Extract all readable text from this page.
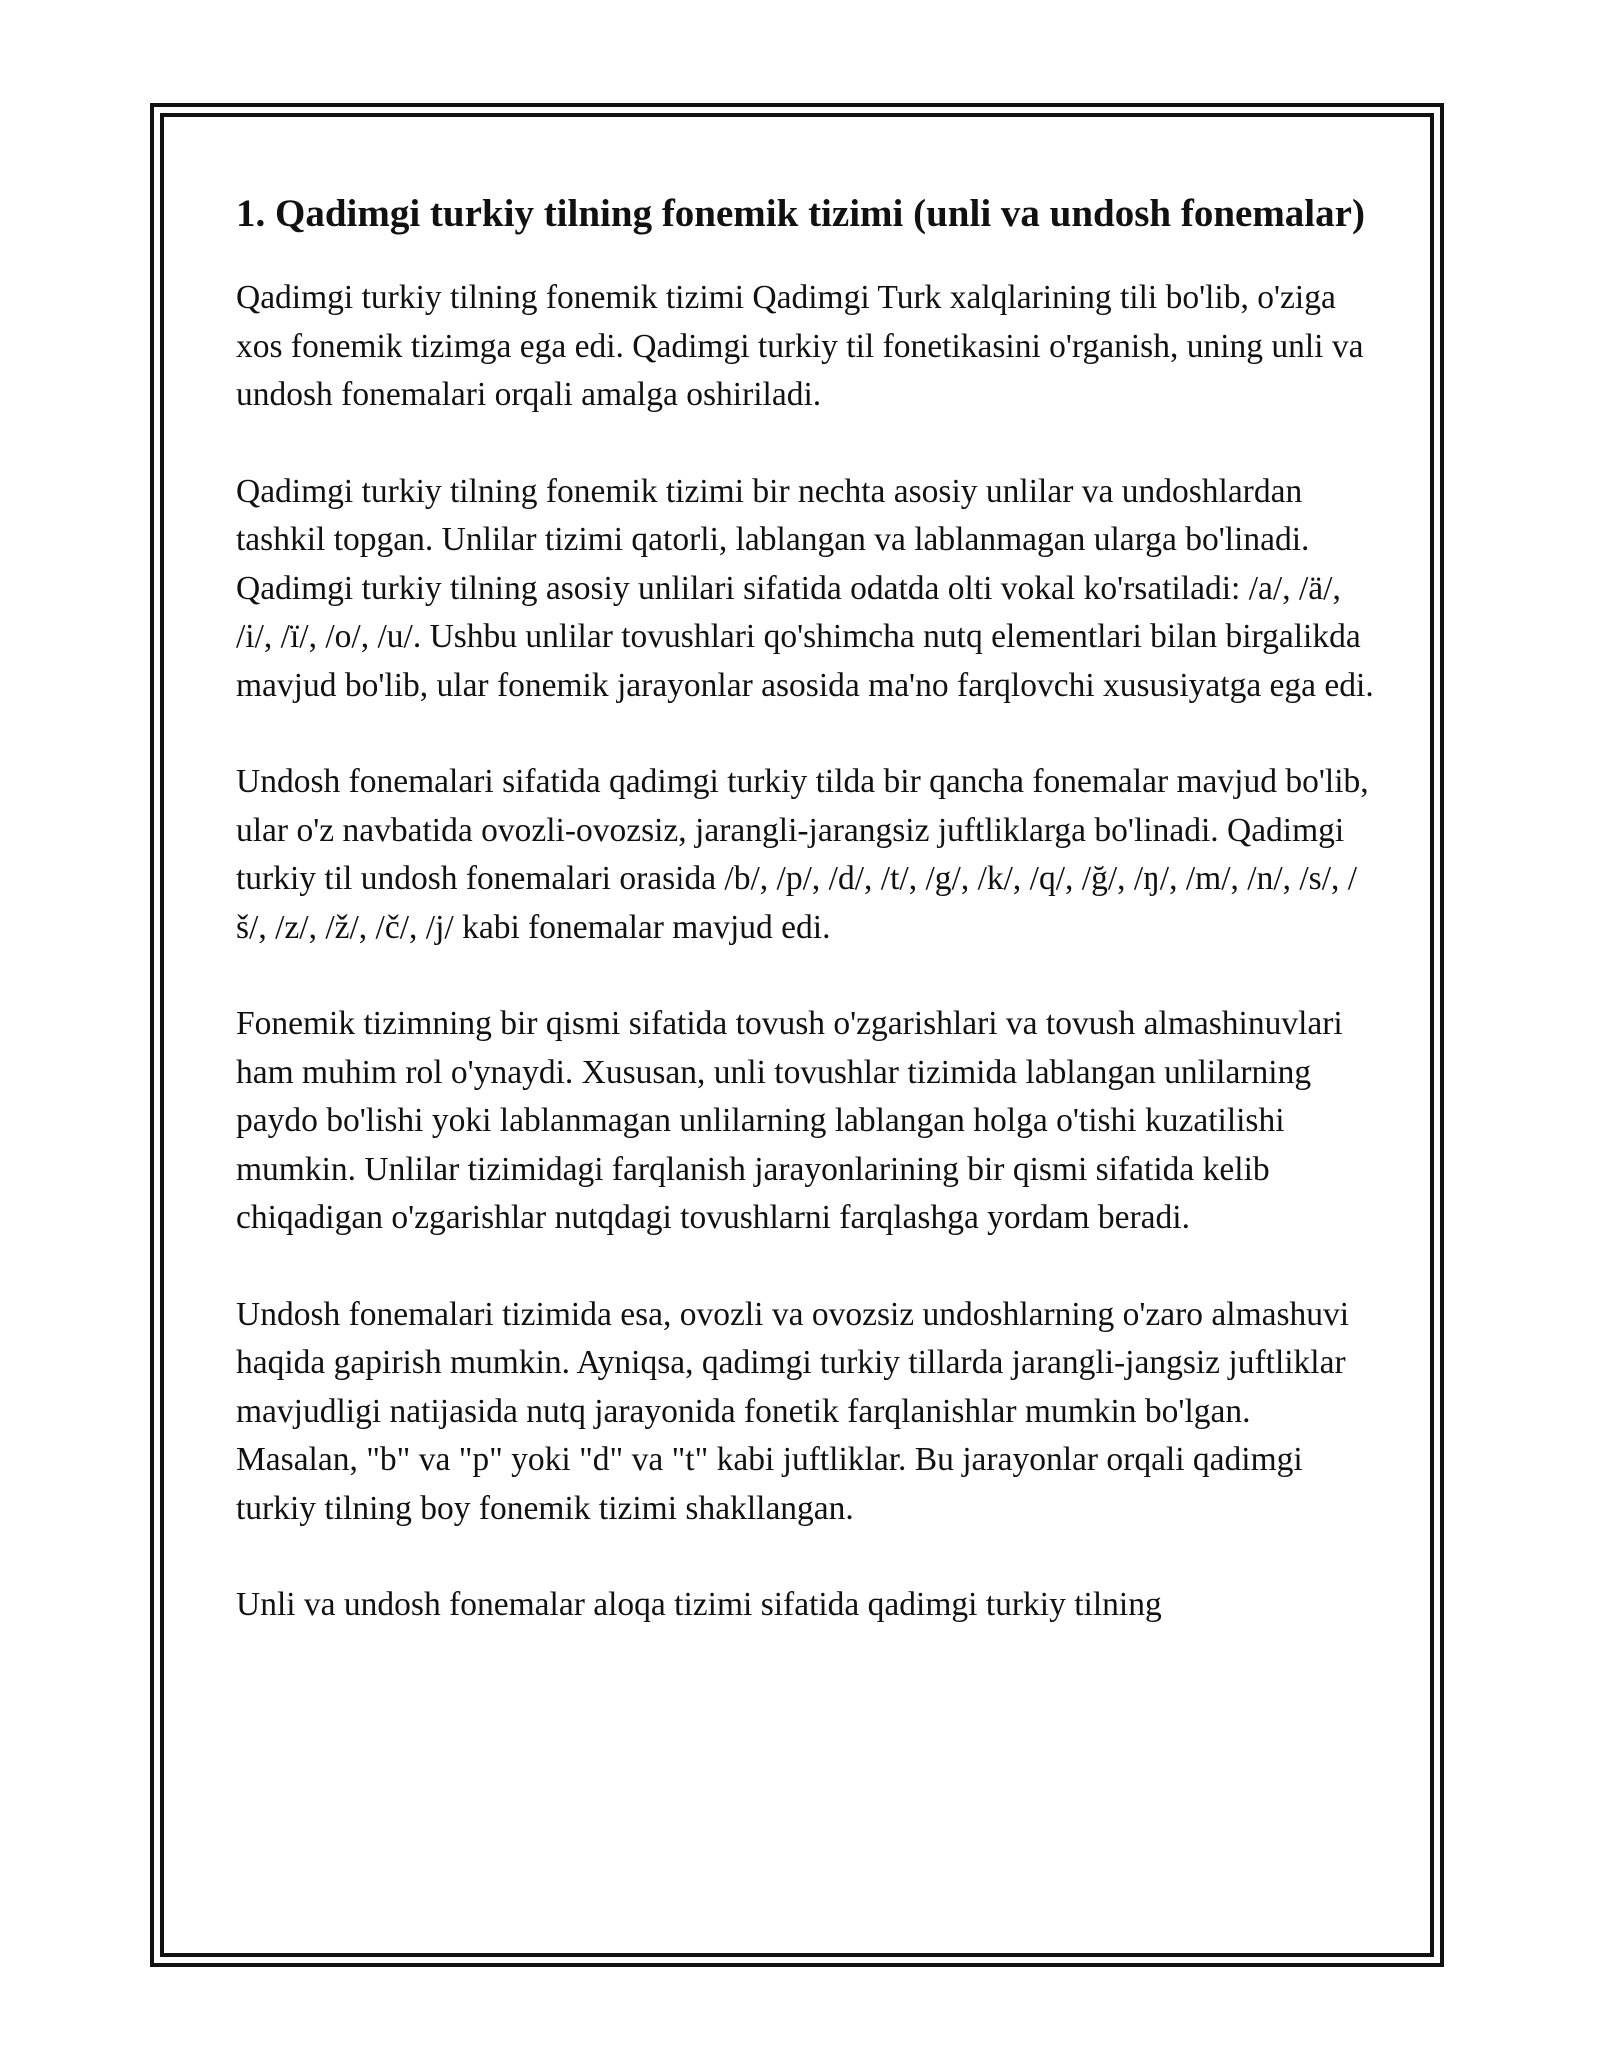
1. Qadimgi turkiy tilning fonemik tizimi (unli va undosh fonemalar)

Qadimgi turkiy tilning fonemik tizimi Qadimgi Turk xalqlarining tili bo'lib, o'ziga xos fonemik tizimga ega edi. Qadimgi turkiy til fonetikasini o'rganish, uning unli va undosh fonemalari orqali amalga oshiriladi.

Qadimgi turkiy tilning fonemik tizimi bir nechta asosiy unlilar va undoshlardan tashkil topgan. Unlilar tizimi qatorli, lablangan va lablanmagan ularga bo'linadi. Qadimgi turkiy tilning asosiy unlilari sifatida odatda olti vokal ko'rsatiladi: /a/, /ä/, /i/, /ï/, /o/, /u/. Ushbu unlilar tovushlari qo'shimcha nutq elementlari bilan birgalikda mavjud bo'lib, ular fonemik jarayonlar asosida ma'no farqlovchi xususiyatga ega edi.

Undosh fonemalari sifatida qadimgi turkiy tilda bir qancha fonemalar mavjud bo'lib, ular o'z navbatida ovozli-ovozsiz, jarangli-jarangsiz juftliklarga bo'linadi. Qadimgi turkiy til undosh fonemalari orasida /b/, /p/, /d/, /t/, /g/, /k/, /q/, /ğ/, /ŋ/, /m/, /n/, /s/, /š/, /z/, /ž/, /č/, /j/ kabi fonemalar mavjud edi.

Fonemik tizimning bir qismi sifatida tovush o'zgarishlari va tovush almashinuvlari ham muhim rol o'ynaydi. Xususan, unli tovushlar tizimida lablangan unlilarning paydo bo'lishi yoki lablanmagan unlilarning lablangan holga o'tishi kuzatilishi mumkin. Unlilar tizimidagi farqlanish jarayonlarining bir qismi sifatida kelib chiqadigan o'zgarishlar nutqdagi tovushlarni farqlashga yordam beradi.

Undosh fonemalari tizimida esa, ovozli va ovozsiz undoshlarning o'zaro almashuvi haqida gapirish mumkin. Ayniqsa, qadimgi turkiy tillarda jarangli-jangsiz juftliklar mavjudligi natijasida nutq jarayonida fonetik farqlanishlar mumkin bo'lgan. Masalan, "b" va "p" yoki "d" va "t" kabi juftliklar. Bu jarayonlar orqali qadimgi turkiy tilning boy fonemik tizimi shakllangan.

Unli va undosh fonemalar aloqa tizimi sifatida qadimgi turkiy tilning
